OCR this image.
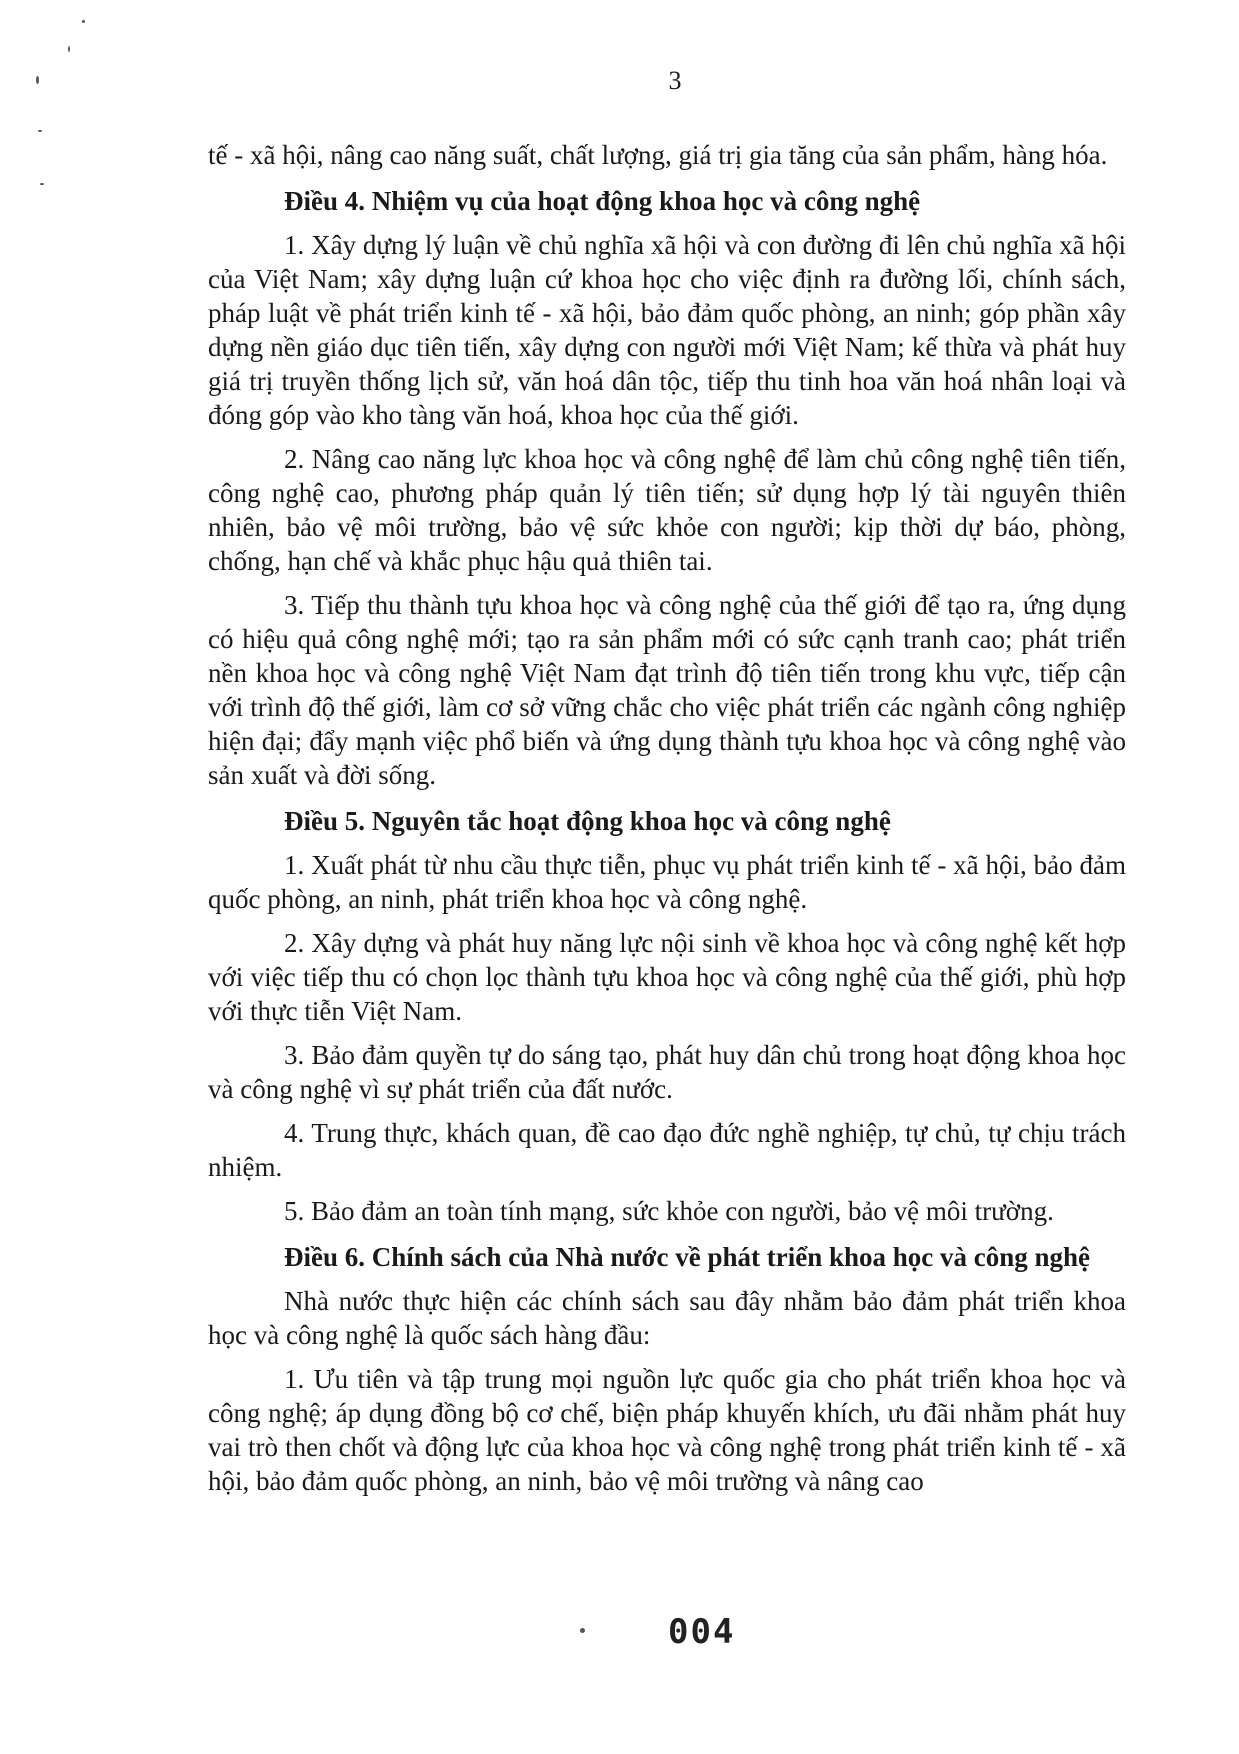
3

tế - xã hội, nâng cao năng suất, chất lượng, giá trị gia tăng của sản phẩm, hàng hóa.

Điều 4. Nhiệm vụ của hoạt động khoa học và công nghệ

1. Xây dựng lý luận về chủ nghĩa xã hội và con đường đi lên chủ nghĩa xã hội của Việt Nam; xây dựng luận cứ khoa học cho việc định ra đường lối, chính sách, pháp luật về phát triển kinh tế - xã hội, bảo đảm quốc phòng, an ninh; góp phần xây dựng nền giáo dục tiên tiến, xây dựng con người mới Việt Nam; kế thừa và phát huy giá trị truyền thống lịch sử, văn hoá dân tộc, tiếp thu tinh hoa văn hoá nhân loại và đóng góp vào kho tàng văn hoá, khoa học của thế giới.

2. Nâng cao năng lực khoa học và công nghệ để làm chủ công nghệ tiên tiến, công nghệ cao, phương pháp quản lý tiên tiến; sử dụng hợp lý tài nguyên thiên nhiên, bảo vệ môi trường, bảo vệ sức khỏe con người; kịp thời dự báo, phòng, chống, hạn chế và khắc phục hậu quả thiên tai.

3. Tiếp thu thành tựu khoa học và công nghệ của thế giới để tạo ra, ứng dụng có hiệu quả công nghệ mới; tạo ra sản phẩm mới có sức cạnh tranh cao; phát triển nền khoa học và công nghệ Việt Nam đạt trình độ tiên tiến trong khu vực, tiếp cận với trình độ thế giới, làm cơ sở vững chắc cho việc phát triển các ngành công nghiệp hiện đại; đẩy mạnh việc phổ biến và ứng dụng thành tựu khoa học và công nghệ vào sản xuất và đời sống.

Điều 5. Nguyên tắc hoạt động khoa học và công nghệ

1. Xuất phát từ nhu cầu thực tiễn, phục vụ phát triển kinh tế - xã hội, bảo đảm quốc phòng, an ninh, phát triển khoa học và công nghệ.

2. Xây dựng và phát huy năng lực nội sinh về khoa học và công nghệ kết hợp với việc tiếp thu có chọn lọc thành tựu khoa học và công nghệ của thế giới, phù hợp với thực tiễn Việt Nam.

3. Bảo đảm quyền tự do sáng tạo, phát huy dân chủ trong hoạt động khoa học và công nghệ vì sự phát triển của đất nước.

4. Trung thực, khách quan, đề cao đạo đức nghề nghiệp, tự chủ, tự chịu trách nhiệm.

5. Bảo đảm an toàn tính mạng, sức khỏe con người, bảo vệ môi trường.

Điều 6. Chính sách của Nhà nước về phát triển khoa học và công nghệ

Nhà nước thực hiện các chính sách sau đây nhằm bảo đảm phát triển khoa học và công nghệ là quốc sách hàng đầu:

1. Ưu tiên và tập trung mọi nguồn lực quốc gia cho phát triển khoa học và công nghệ; áp dụng đồng bộ cơ chế, biện pháp khuyến khích, ưu đãi nhằm phát huy vai trò then chốt và động lực của khoa học và công nghệ trong phát triển kinh tế - xã hội, bảo đảm quốc phòng, an ninh, bảo vệ môi trường và nâng cao

004
